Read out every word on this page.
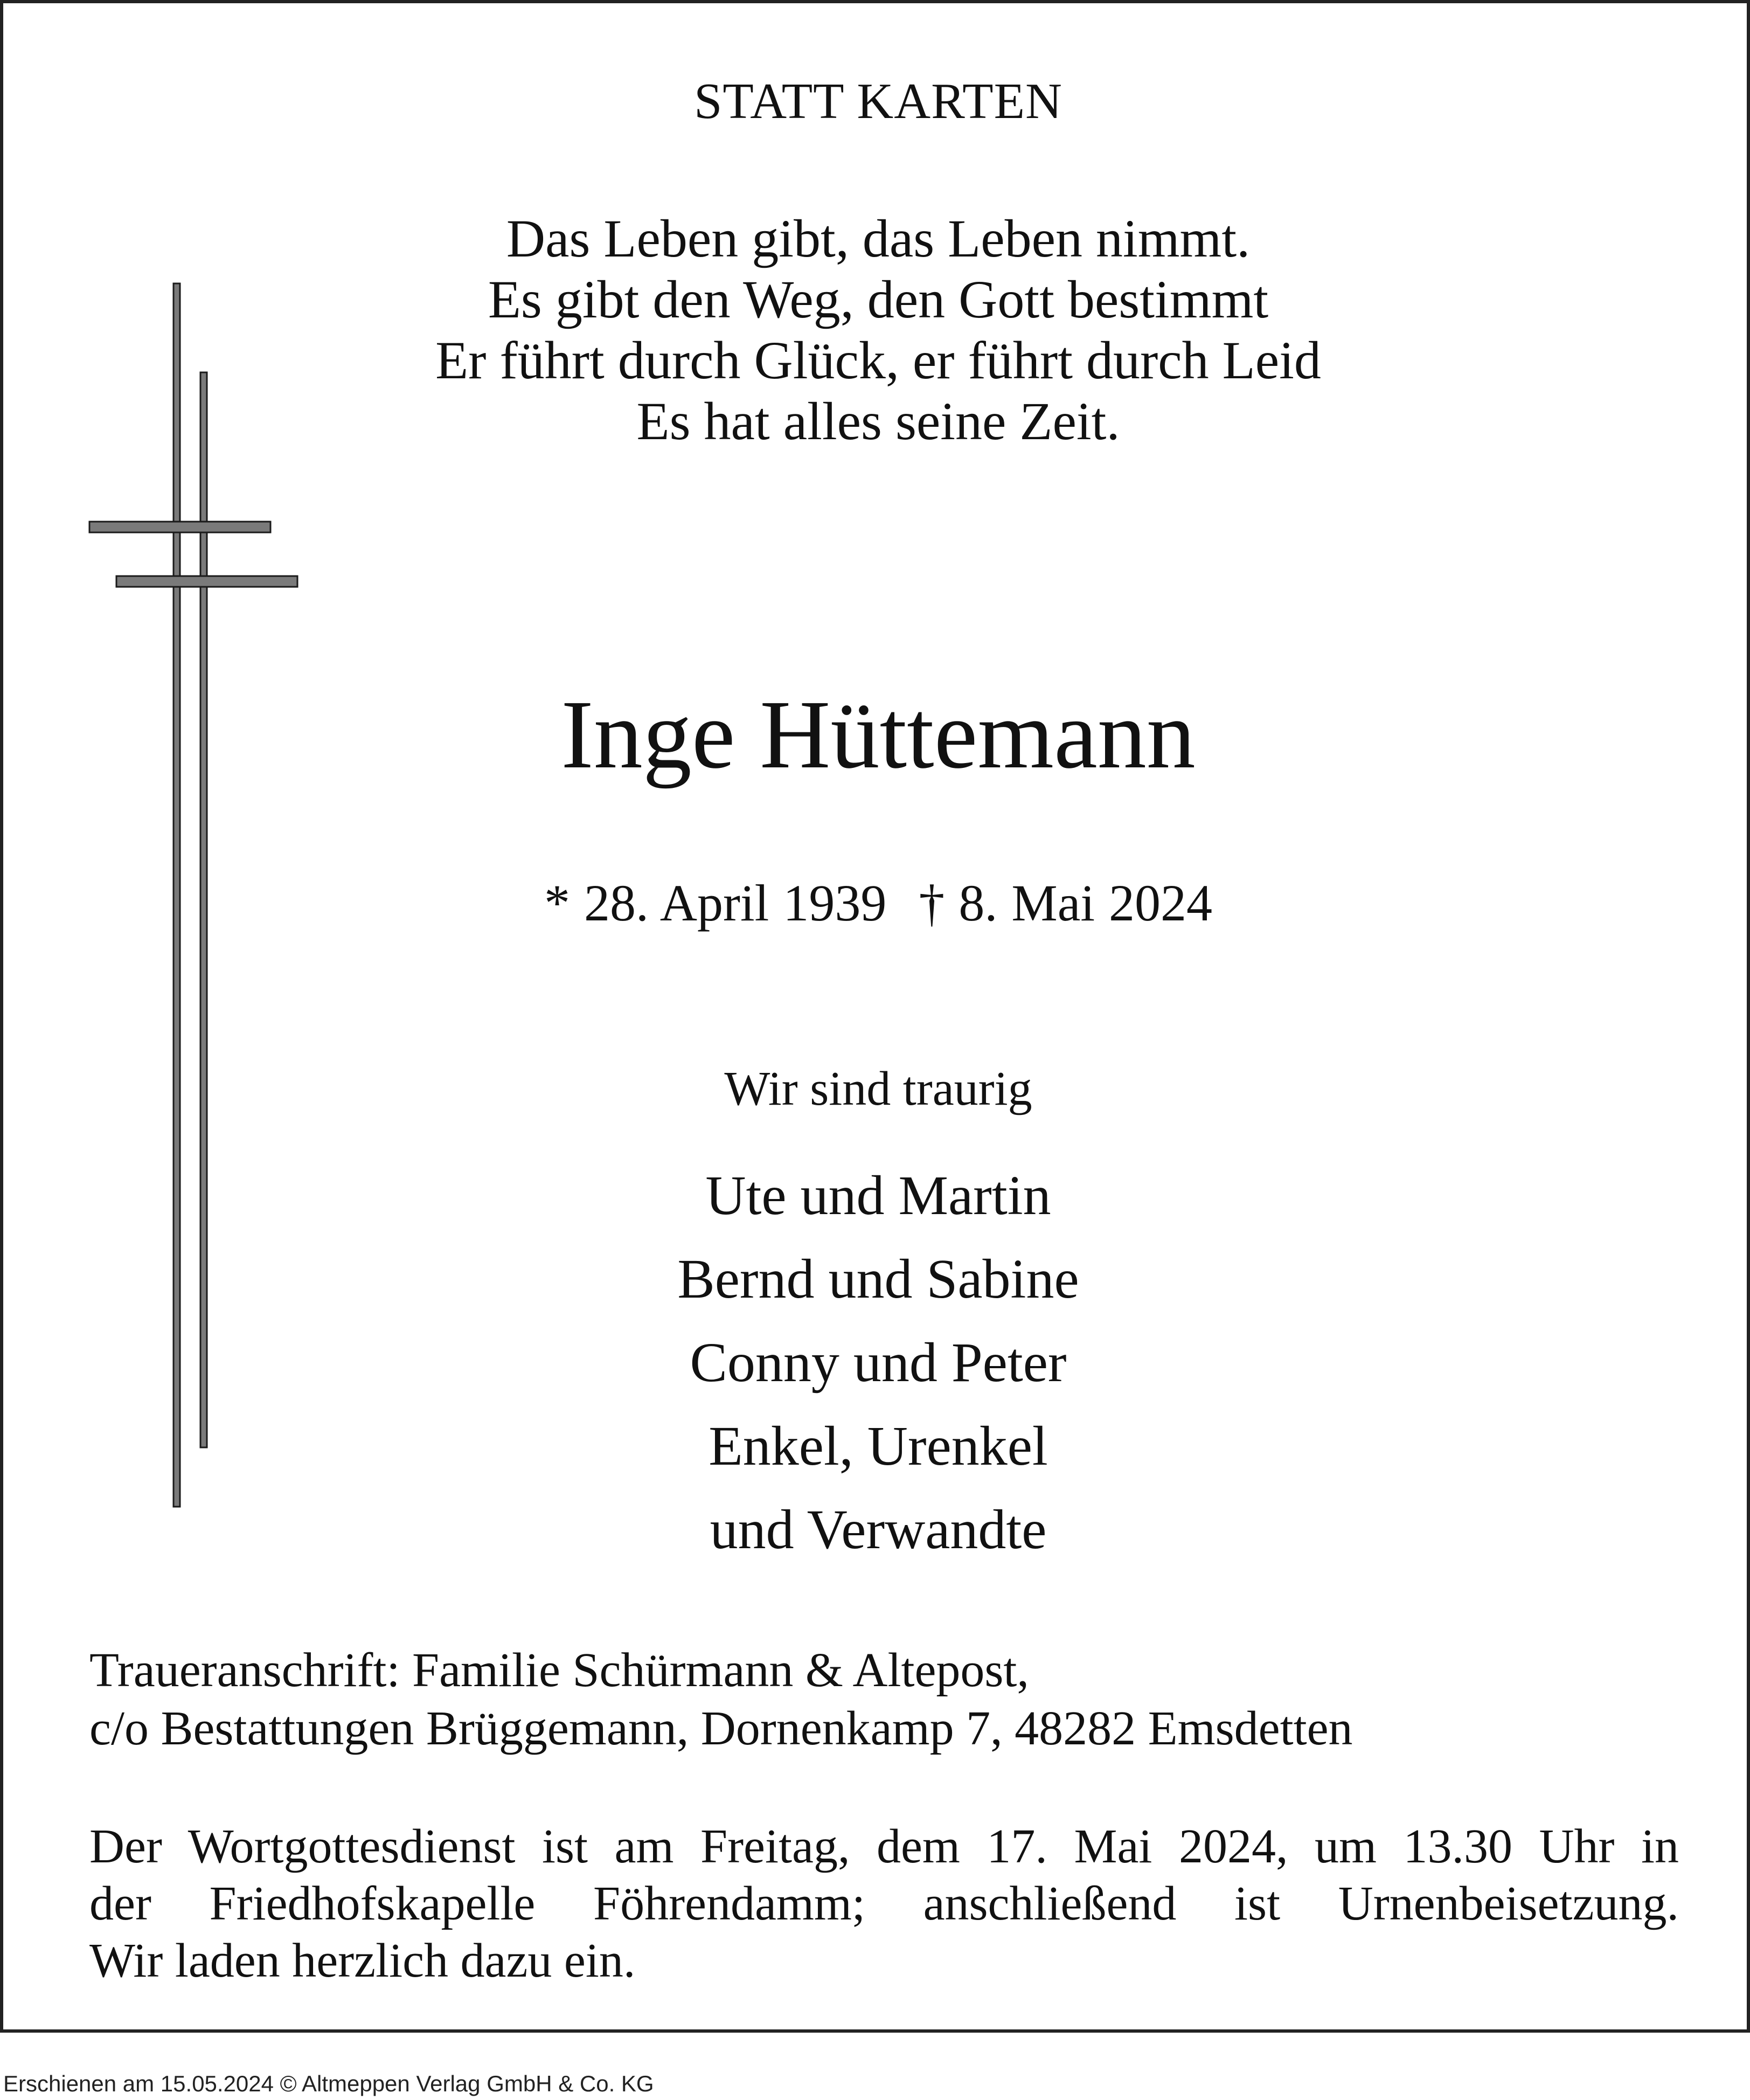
STATT KARTEN
Das Leben gibt, das Leben nimmt.
Es gibt den Weg, den Gott bestimmt
Er führt durch Glück, er führt durch Leid
Es hat alles seine Zeit.
Inge Hüttemann
* 28. April 1939 † 8. Mai 2024
Wir sind traurig
Ute und Martin
Bernd und Sabine
Conny und Peter
Enkel, Urenkel
und Verwandte
Traueranschrift: Familie Schürmann & Altepost,
c/o Bestattungen Brüggemann, Dornenkamp 7, 48282 Emsdetten
Der Wortgottesdienst ist am Freitag, dem 17. Mai 2024, um 13.30 Uhr in
der Friedhofskapelle Föhrendamm; anschließend ist Urnenbeisetzung.
Wir laden herzlich dazu ein.
Erschienen am 15.05.2024 © Altmeppen Verlag GmbH & Co. KG
